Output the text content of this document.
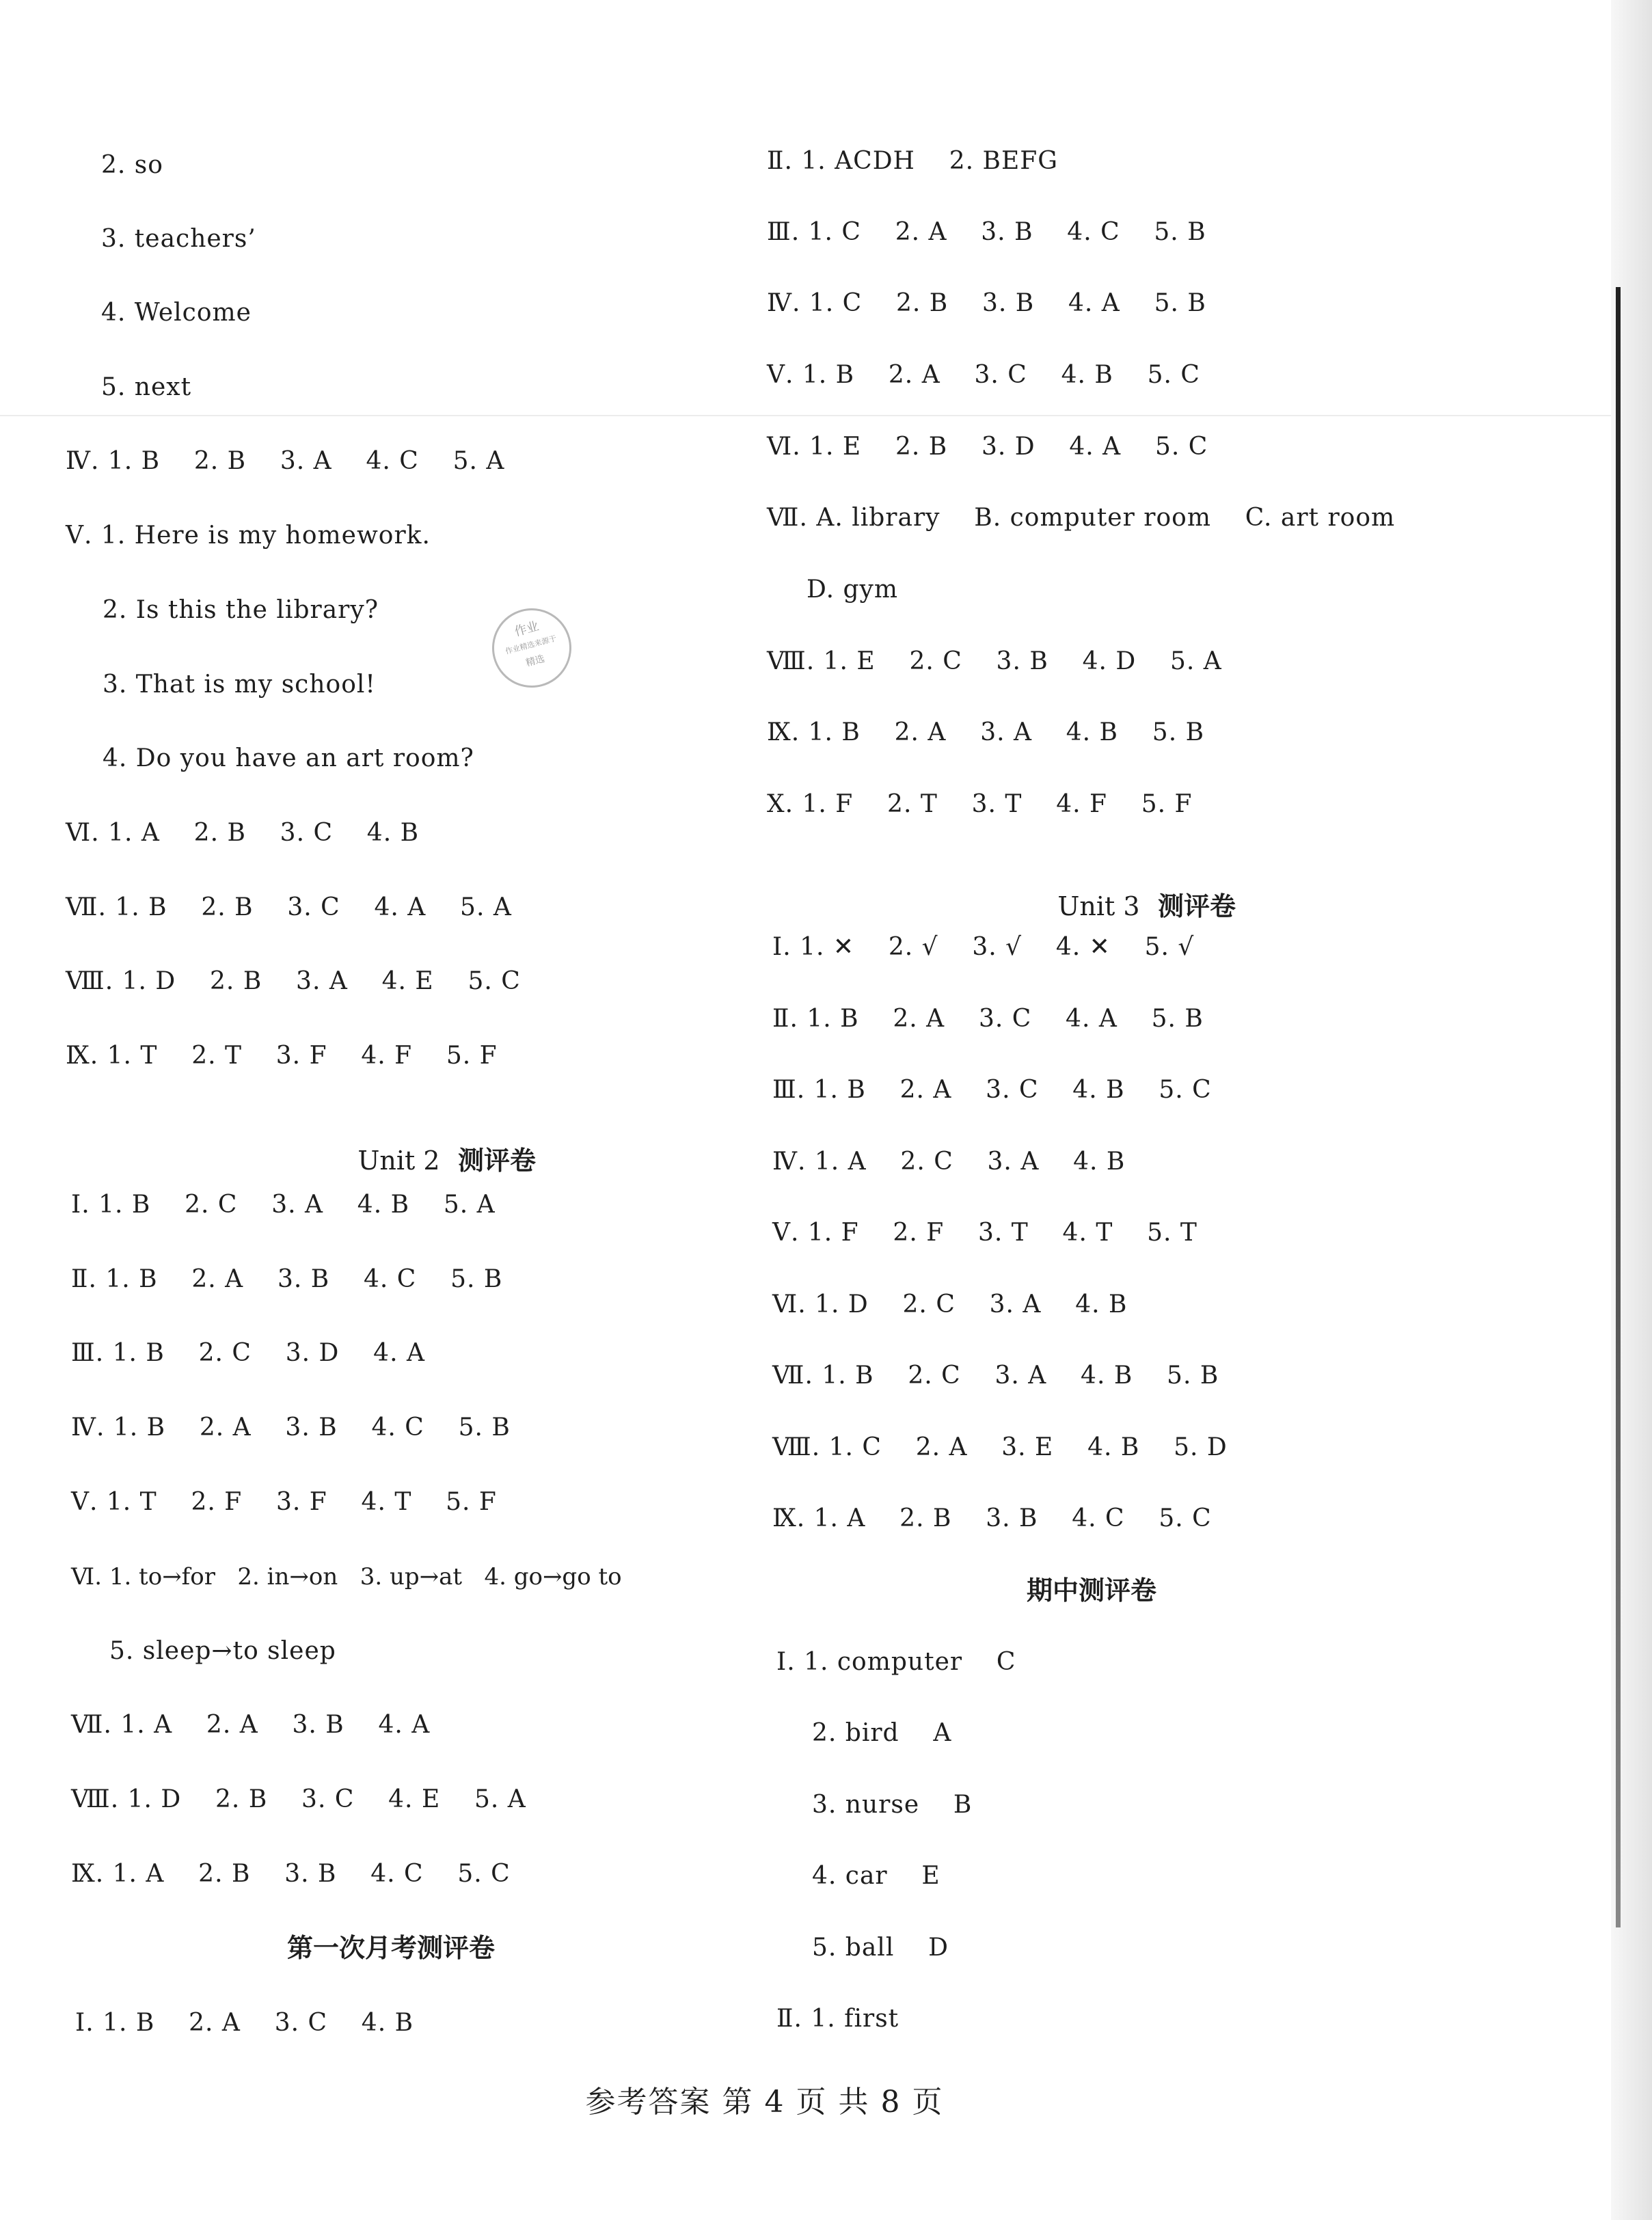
2. so
3. teachers’
4. Welcome
5. next
Ⅳ. 1. B    2. B    3. A    4. C    5. A
Ⅴ. 1. Here is my homework.
2. Is this the library?
3. That is my school!
4. Do you have an art room?
Ⅵ. 1. A    2. B    3. C    4. B
Ⅶ. 1. B    2. B    3. C    4. A    5. A
Ⅷ. 1. D    2. B    3. A    4. E    5. C
Ⅸ. 1. T    2. T    3. F    4. F    5. F

Unit 2 测评卷

Ⅰ. 1. B    2. C    3. A    4. B    5. A
Ⅱ. 1. B    2. A    3. B    4. C    5. B
Ⅲ. 1. B    2. C    3. D    4. A
Ⅳ. 1. B    2. A    3. B    4. C    5. B
Ⅴ. 1. T    2. F    3. F    4. T    5. F
Ⅵ. 1. to→for   2. in→on   3. up→at   4. go→go to
5. sleep→to sleep
Ⅶ. 1. A    2. A    3. B    4. A
Ⅷ. 1. D    2. B    3. C    4. E    5. A
Ⅸ. 1. A    2. B    3. B    4. C    5. C
第一次月考测评卷
Ⅰ. 1. B    2. A    3. C    4. B
作业
作业精选来源于
精选
Ⅱ. 1. ACDH    2. BEFG
Ⅲ. 1. C    2. A    3. B    4. C    5. B
Ⅳ. 1. C    2. B    3. B    4. A    5. B
Ⅴ. 1. B    2. A    3. C    4. B    5. C
Ⅵ. 1. E    2. B    3. D    4. A    5. C
Ⅶ. A. library    B. computer room    C. art room
D. gym
Ⅷ. 1. E    2. C    3. B    4. D    5. A
Ⅸ. 1. B    2. A    3. A    4. B    5. B
Ⅹ. 1. F    2. T    3. T    4. F    5. F

Unit 3 测评卷

Ⅰ. 1. ✕    2. √    3. √    4. ✕    5. √
Ⅱ. 1. B    2. A    3. C    4. A    5. B
Ⅲ. 1. B    2. A    3. C    4. B    5. C
Ⅳ. 1. A    2. C    3. A    4. B
Ⅴ. 1. F    2. F    3. T    4. T    5. T
Ⅵ. 1. D    2. C    3. A    4. B
Ⅶ. 1. B    2. C    3. A    4. B    5. B
Ⅷ. 1. C    2. A    3. E    4. B    5. D
Ⅸ. 1. A    2. B    3. B    4. C    5. C
期中测评卷
Ⅰ. 1. computer    C
2. bird    A
3. nurse    B
4. car    E
5. ball    D
Ⅱ. 1. first
参考答案 第 4 页 共 8 页
